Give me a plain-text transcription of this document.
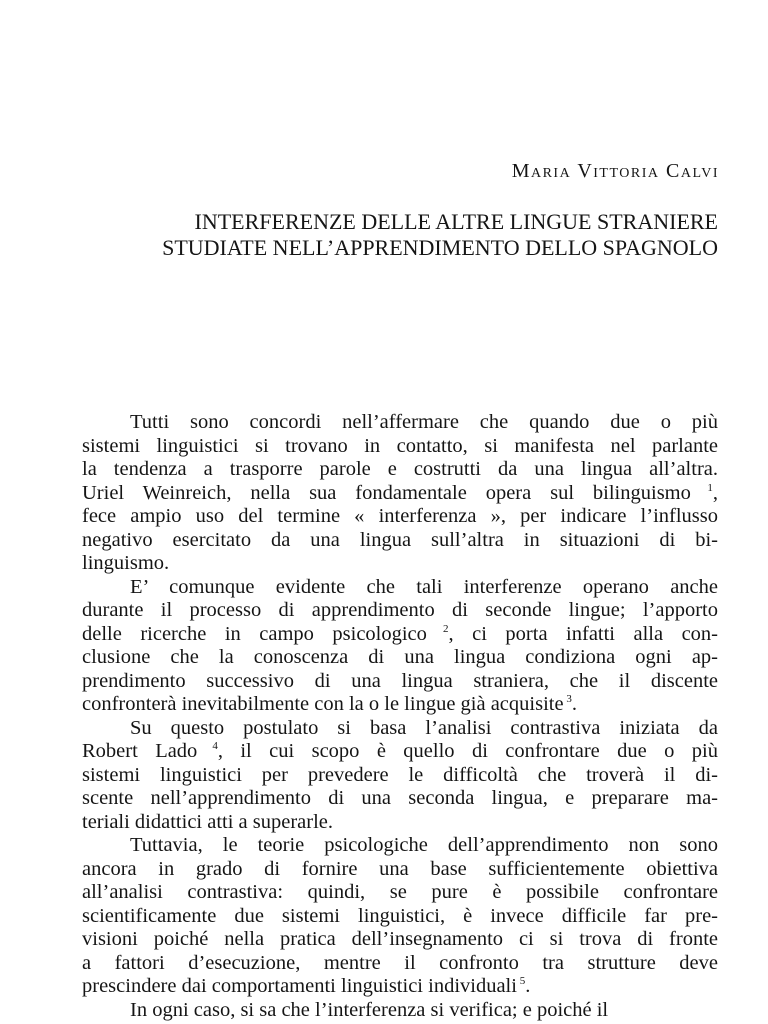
Maria Vittoria Calvi
INTERFERENZE DELLE ALTRE LINGUE STRANIERE
STUDIATE NELL’APPRENDIMENTO DELLO SPAGNOLO
Tutti sono concordi nell’affermare che quando due o più
sistemi linguistici si trovano in contatto, si manifesta nel parlante
la tendenza a trasporre parole e costrutti da una lingua all’altra.
Uriel Weinreich, nella sua fondamentale opera sul bilinguismo $^1$,
fece ampio uso del termine « interferenza », per indicare l’influsso
negativo esercitato da una lingua sull’altra in situazioni di bi-
linguismo.
E’ comunque evidente che tali interferenze operano anche
durante il processo di apprendimento di seconde lingue; l’apporto
delle ricerche in campo psicologico $^2$, ci porta infatti alla con-
clusione che la conoscenza di una lingua condiziona ogni ap-
prendimento successivo di una lingua straniera, che il discente
confronterà inevitabilmente con la o le lingue già acquisite $^3$.
Su questo postulato si basa l’analisi contrastiva iniziata da
Robert Lado $^4$, il cui scopo è quello di confrontare due o più
sistemi linguistici per prevedere le difficoltà che troverà il di-
scente nell’apprendimento di una seconda lingua, e preparare ma-
teriali didattici atti a superarle.
Tuttavia, le teorie psicologiche dell’apprendimento non sono
ancora in grado di fornire una base sufficientemente obiettiva
all’analisi contrastiva: quindi, se pure è possibile confrontare
scientificamente due sistemi linguistici, è invece difficile far pre-
visioni poiché nella pratica dell’insegnamento ci si trova di fronte
a fattori d’esecuzione, mentre il confronto tra strutture deve
prescindere dai comportamenti linguistici individuali $^5$.
In ogni caso, si sa che l’interferenza si verifica; e poiché il
